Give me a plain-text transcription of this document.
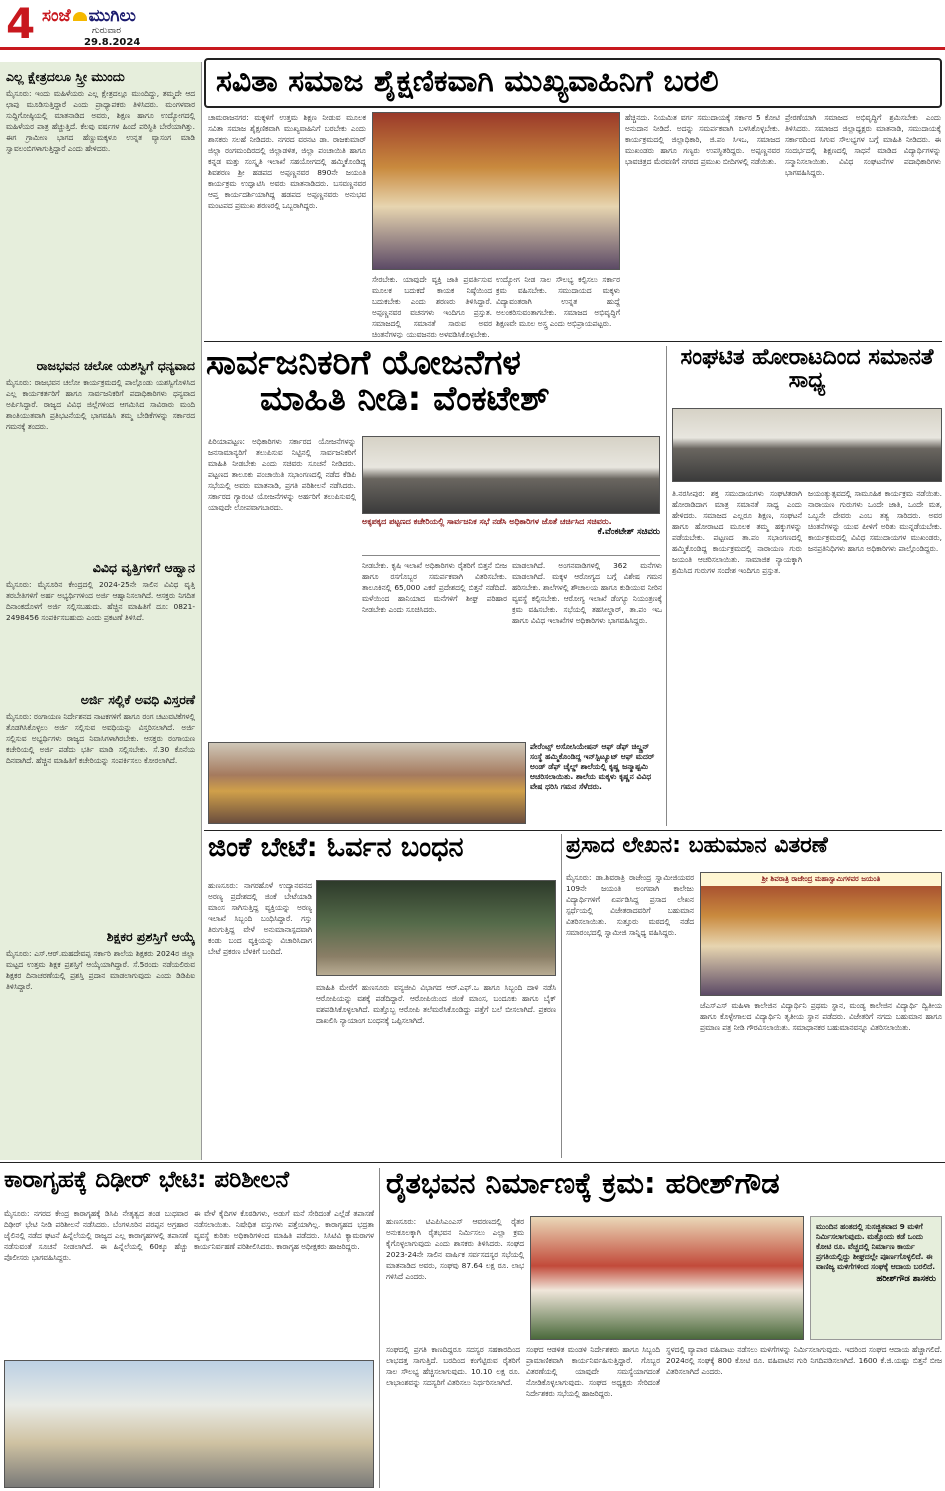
4 ಸಂಜೆ ಮುಗಿಲು
ಗುರುವಾರ
29.8.2024
ಎಲ್ಲ ಕ್ಷೇತ್ರದಲೂ ಸ್ತ್ರೀ ಮುಂದು
ಮೈಸೂರು: ಇಂದು ಮಹಿಳೆಯರು ಎಲ್ಲ ಕ್ಷೇತ್ರದಲ್ಲೂ ಮುಂದಿದ್ದು, ತಮ್ಮದೇ ಆದ ಛಾಪು ಮೂಡಿಸುತ್ತಿದ್ದಾರೆ ಎಂದು ಪ್ರಾಧ್ಯಾಪಕರು ತಿಳಿಸಿದರು. ಮಂಗಳವಾರ ಸುದ್ದಿಗೋಷ್ಠಿಯಲ್ಲಿ ಮಾತನಾಡಿದ ಅವರು, ಶಿಕ್ಷಣ ಹಾಗೂ ಉದ್ಯೋಗದಲ್ಲಿ ಮಹಿಳೆಯರ ಪಾತ್ರ ಹೆಚ್ಚುತ್ತಿದೆ. ಕೆಲವು ವರ್ಷಗಳ ಹಿಂದೆ ಪರಿಸ್ಥಿತಿ ಬೇರೆಯಾಗಿತ್ತು. ಈಗ ಗ್ರಾಮೀಣ ಭಾಗದ ಹೆಣ್ಣುಮಕ್ಕಳೂ ಉನ್ನತ ವ್ಯಾಸಂಗ ಮಾಡಿ ಸ್ವಾವಲಂಬಿಗಳಾಗುತ್ತಿದ್ದಾರೆ ಎಂದು ಹೇಳಿದರು.
ರಾಜಭವನ ಚಲೋ ಯಶಸ್ವಿಗೆ ಧನ್ಯವಾದ
ಮೈಸೂರು: ರಾಜಭವನ ಚಲೋ ಕಾರ್ಯಕ್ರಮದಲ್ಲಿ ಪಾಲ್ಗೊಂಡು ಯಶಸ್ವಿಗೊಳಿಸಿದ ಎಲ್ಲ ಕಾರ್ಯಕರ್ತರಿಗೆ ಹಾಗೂ ಸಾರ್ವಜನಿಕರಿಗೆ ಪದಾಧಿಕಾರಿಗಳು ಧನ್ಯವಾದ ಅರ್ಪಿಸಿದ್ದಾರೆ. ರಾಜ್ಯದ ವಿವಿಧ ಜಿಲ್ಲೆಗಳಿಂದ ಆಗಮಿಸಿದ ಸಾವಿರಾರು ಮಂದಿ ಶಾಂತಿಯುತವಾಗಿ ಪ್ರತಿಭಟನೆಯಲ್ಲಿ ಭಾಗವಹಿಸಿ ತಮ್ಮ ಬೇಡಿಕೆಗಳನ್ನು ಸರ್ಕಾರದ ಗಮನಕ್ಕೆ ತಂದರು.
ವಿವಿಧ ವೃತ್ತಿಗಳಿಗೆ ಆಹ್ವಾನ
ಮೈಸೂರು: ಮೈಸೂರಿನ ಕೇಂದ್ರದಲ್ಲಿ 2024-25ನೇ ಸಾಲಿನ ವಿವಿಧ ವೃತ್ತಿ ತರಬೇತಿಗಳಿಗೆ ಅರ್ಹ ಅಭ್ಯರ್ಥಿಗಳಿಂದ ಅರ್ಜಿ ಆಹ್ವಾನಿಸಲಾಗಿದೆ. ಆಸಕ್ತರು ನಿಗದಿತ ದಿನಾಂಕದೊಳಗೆ ಅರ್ಜಿ ಸಲ್ಲಿಸಬಹುದು. ಹೆಚ್ಚಿನ ಮಾಹಿತಿಗೆ ದೂ: 0821-2498456 ಸಂಪರ್ಕಿಸಬಹುದು ಎಂದು ಪ್ರಕಟಣೆ ತಿಳಿಸಿದೆ.
ಅರ್ಜಿ ಸಲ್ಲಿಕೆ ಅವಧಿ ವಿಸ್ತರಣೆ
ಮೈಸೂರು: ರಂಗಾಯಣ ನಿರ್ದೇಶನದ ನಾಟಕಗಳಿಗೆ ಹಾಗೂ ರಂಗ ಚಟುವಟಿಕೆಗಳಲ್ಲಿ ತೊಡಗಿಸಿಕೊಳ್ಳಲು ಅರ್ಜಿ ಸಲ್ಲಿಸುವ ಅವಧಿಯನ್ನು ವಿಸ್ತರಿಸಲಾಗಿದೆ. ಅರ್ಜಿ ಸಲ್ಲಿಸುವ ಅಭ್ಯರ್ಥಿಗಳು ರಾಜ್ಯದ ನಿವಾಸಿಗಳಾಗಿರಬೇಕು. ಆಸಕ್ತರು ರಂಗಾಯಣ ಕಚೇರಿಯಲ್ಲಿ ಅರ್ಜಿ ಪಡೆದು ಭರ್ತಿ ಮಾಡಿ ಸಲ್ಲಿಸಬೇಕು. ಸೆ.30 ಕೊನೆಯ ದಿನವಾಗಿದೆ. ಹೆಚ್ಚಿನ ಮಾಹಿತಿಗೆ ಕಚೇರಿಯನ್ನು ಸಂಪರ್ಕಿಸಲು ಕೋರಲಾಗಿದೆ.
ಶಿಕ್ಷಕರ ಪ್ರಶಸ್ತಿಗೆ ಆಯ್ಕೆ
ಮೈಸೂರು: ಎಸ್.ಆರ್.ಮಹದೇವಪ್ಪ ಸರ್ಕಾರಿ ಶಾಲೆಯ ಶಿಕ್ಷಕರು 2024ರ ಜಿಲ್ಲಾ ಮಟ್ಟದ ಉತ್ತಮ ಶಿಕ್ಷಕ ಪ್ರಶಸ್ತಿಗೆ ಆಯ್ಕೆಯಾಗಿದ್ದಾರೆ. ಸೆ.5ರಂದು ನಡೆಯಲಿರುವ ಶಿಕ್ಷಕರ ದಿನಾಚರಣೆಯಲ್ಲಿ ಪ್ರಶಸ್ತಿ ಪ್ರದಾನ ಮಾಡಲಾಗುವುದು ಎಂದು ಡಿಡಿಪಿಐ ತಿಳಿಸಿದ್ದಾರೆ.
ಸವಿತಾ ಸಮಾಜ ಶೈಕ್ಷಣಿಕವಾಗಿ ಮುಖ್ಯವಾಹಿನಿಗೆ ಬರಲಿ
ಚಾಮರಾಜನಗರ: ಮಕ್ಕಳಿಗೆ ಉತ್ತಮ ಶಿಕ್ಷಣ ನೀಡುವ ಮೂಲಕ ಸವಿತಾ ಸಮಾಜ ಶೈಕ್ಷಣಿಕವಾಗಿ ಮುಖ್ಯವಾಹಿನಿಗೆ ಬರಬೇಕು ಎಂದು ಶಾಸಕರು ಸಲಹೆ ನೀಡಿದರು. ನಗರದ ವರನಟ ಡಾ. ರಾಜಕುಮಾರ್ ಜಿಲ್ಲಾ ರಂಗಮಂದಿರದಲ್ಲಿ ಜಿಲ್ಲಾಡಳಿತ, ಜಿಲ್ಲಾ ಪಂಚಾಯಿತಿ ಹಾಗೂ ಕನ್ನಡ ಮತ್ತು ಸಂಸ್ಕೃತಿ ಇಲಾಖೆ ಸಹಯೋಗದಲ್ಲಿ ಹಮ್ಮಿಕೊಂಡಿದ್ದ ಶಿವಶರಣ ಶ್ರೀ ಹಡಪದ ಅಪ್ಪಣ್ಣನವರ 890ನೇ ಜಯಂತಿ ಕಾರ್ಯಕ್ರಮ ಉದ್ಘಾಟಿಸಿ ಅವರು ಮಾತನಾಡಿದರು. ಬಸವಣ್ಣನವರ ಆಪ್ತ ಕಾರ್ಯದರ್ಶಿಯಾಗಿದ್ದ ಹಡಪದ ಅಪ್ಪಣ್ಣನವರು ಅನುಭವ ಮಂಟಪದ ಪ್ರಮುಖ ಶರಣರಲ್ಲಿ ಒಬ್ಬರಾಗಿದ್ದರು.
ಸೇರಬೇಕು. ಯಾವುದೇ ವ್ಯಕ್ತಿ ಜಾತಿ ಪ್ರವರ್ತಿಸುವ ಮೂಲಕ ಬದುಕದೆ ಕಾಯಕ ನಿಷ್ಠೆಯಿಂದ ಬದುಕಬೇಕು ಎಂದು ಶರಣರು ತಿಳಿಸಿದ್ದಾರೆ. ಅಪ್ಪಣ್ಣನವರ ವಚನಗಳು ಇಂದಿಗೂ ಪ್ರಸ್ತುತ. ಸಮಾಜದಲ್ಲಿ ಸಮಾನತೆ ಸಾರುವ ಅವರ ಚಿಂತನೆಗಳನ್ನು ಯುವಜನರು ಅಳವಡಿಸಿಕೊಳ್ಳಬೇಕು.
ಉದ್ಯೋಗ ನೀಡ ಸಾಲ ಸೌಲಭ್ಯ ಕಲ್ಪಿಸಲು ಸರ್ಕಾರ ಕ್ರಮ ವಹಿಸಬೇಕು. ಸಮುದಾಯದ ಮಕ್ಕಳು ವಿದ್ಯಾವಂತರಾಗಿ ಉನ್ನತ ಹುದ್ದೆ ಅಲಂಕರಿಸುವಂತಾಗಬೇಕು. ಸಮಾಜದ ಅಭಿವೃದ್ಧಿಗೆ ಶಿಕ್ಷಣವೇ ಮೂಲ ಅಸ್ತ್ರ ಎಂದು ಅಭಿಪ್ರಾಯಪಟ್ಟರು.
ಹೆಚ್ಚಿನದು. ನಿಯಮಿತ ವರ್ಗ ಸಮುದಾಯಕ್ಕೆ ಸರ್ಕಾರ 5 ಕೋಟಿ ಅನುದಾನ ನೀಡಿದೆ. ಅದನ್ನು ಸಮರ್ಪಕವಾಗಿ ಬಳಸಿಕೊಳ್ಳಬೇಕು. ಕಾರ್ಯಕ್ರಮದಲ್ಲಿ ಜಿಲ್ಲಾಧಿಕಾರಿ, ಜಿ.ಪಂ ಸಿಇಒ, ಸಮಾಜದ ಮುಖಂಡರು ಹಾಗೂ ಗಣ್ಯರು ಉಪಸ್ಥಿತರಿದ್ದರು. ಅಪ್ಪಣ್ಣನವರ ಭಾವಚಿತ್ರದ ಮೆರವಣಿಗೆ ನಗರದ ಪ್ರಮುಖ ಬೀದಿಗಳಲ್ಲಿ ನಡೆಯಿತು.
ಪ್ರೇರಣೆಯಾಗಿ ಸಮಾಜದ ಅಭಿವೃದ್ಧಿಗೆ ಶ್ರಮಿಸಬೇಕು ಎಂದು ತಿಳಿಸಿದರು. ಸಮಾಜದ ಜಿಲ್ಲಾಧ್ಯಕ್ಷರು ಮಾತನಾಡಿ, ಸಮುದಾಯಕ್ಕೆ ಸರ್ಕಾರದಿಂದ ಸಿಗುವ ಸೌಲಭ್ಯಗಳ ಬಗ್ಗೆ ಮಾಹಿತಿ ನೀಡಿದರು. ಈ ಸಂದರ್ಭದಲ್ಲಿ ಶಿಕ್ಷಣದಲ್ಲಿ ಸಾಧನೆ ಮಾಡಿದ ವಿದ್ಯಾರ್ಥಿಗಳನ್ನು ಸನ್ಮಾನಿಸಲಾಯಿತು. ವಿವಿಧ ಸಂಘಟನೆಗಳ ಪದಾಧಿಕಾರಿಗಳು ಭಾಗವಹಿಸಿದ್ದರು.
ಸಾರ್ವಜನಿಕರಿಗೆ ಯೋಜನೆಗಳ
ಮಾಹಿತಿ ನೀಡಿ: ವೆಂಕಟೇಶ್
ಪಿರಿಯಾಪಟ್ಟಣ: ಅಧಿಕಾರಿಗಳು ಸರ್ಕಾರದ ಯೋಜನೆಗಳನ್ನು ಜನಸಾಮಾನ್ಯರಿಗೆ ತಲುಪಿಸುವ ನಿಟ್ಟಿನಲ್ಲಿ ಸಾರ್ವಜನಿಕರಿಗೆ ಮಾಹಿತಿ ನೀಡಬೇಕು ಎಂದು ಸಚಿವರು ಸೂಚನೆ ನೀಡಿದರು. ಪಟ್ಟಣದ ತಾಲೂಕು ಪಂಚಾಯಿತಿ ಸಭಾಂಗಣದಲ್ಲಿ ನಡೆದ ಕೆಡಿಪಿ ಸಭೆಯಲ್ಲಿ ಅವರು ಮಾತನಾಡಿ, ಪ್ರಗತಿ ಪರಿಶೀಲನೆ ನಡೆಸಿದರು. ಸರ್ಕಾರದ ಗ್ಯಾರಂಟಿ ಯೋಜನೆಗಳನ್ನು ಅರ್ಹರಿಗೆ ತಲುಪಿಸುವಲ್ಲಿ ಯಾವುದೇ ಲೋಪವಾಗಬಾರದು.
ಅಕ್ಕಪಕ್ಕದ ಪಟ್ಟಣದ ಕಚೇರಿಯಲ್ಲಿ ಸಾರ್ವಜನಿಕ ಸಭೆ ನಡೆಸಿ ಅಧಿಕಾರಿಗಳ ಜೊತೆ ಚರ್ಚಿಸಿದ ಸಚಿವರು.
ಕೆ.ವೆಂಕಟೇಶ್ ಸಚಿವರು
ನೀಡಬೇಕು. ಕೃಷಿ ಇಲಾಖೆ ಅಧಿಕಾರಿಗಳು ರೈತರಿಗೆ ಬಿತ್ತನೆ ಬೀಜ ಹಾಗೂ ರಸಗೊಬ್ಬರ ಸಮರ್ಪಕವಾಗಿ ವಿತರಿಸಬೇಕು. ತಾಲೂಕಿನಲ್ಲಿ 65,000 ಎಕರೆ ಪ್ರದೇಶದಲ್ಲಿ ಬಿತ್ತನೆ ನಡೆದಿದೆ. ಮಳೆಯಿಂದ ಹಾನಿಯಾದ ಮನೆಗಳಿಗೆ ಶೀಘ್ರ ಪರಿಹಾರ ನೀಡಬೇಕು ಎಂದು ಸೂಚಿಸಿದರು.
ಮಾಡಲಾಗಿದೆ. ಅಂಗನವಾಡಿಗಳಲ್ಲಿ 362 ಮನೆಗಳು ಮಾಡಲಾಗಿದೆ. ಮಕ್ಕಳ ಆರೋಗ್ಯದ ಬಗ್ಗೆ ವಿಶೇಷ ಗಮನ ಹರಿಸಬೇಕು. ಶಾಲೆಗಳಲ್ಲಿ ಶೌಚಾಲಯ ಹಾಗೂ ಕುಡಿಯುವ ನೀರಿನ ವ್ಯವಸ್ಥೆ ಕಲ್ಪಿಸಬೇಕು. ಆರೋಗ್ಯ ಇಲಾಖೆ ಡೆಂಗ್ಯೂ ನಿಯಂತ್ರಣಕ್ಕೆ ಕ್ರಮ ವಹಿಸಬೇಕು. ಸಭೆಯಲ್ಲಿ ತಹಸೀಲ್ದಾರ್, ತಾ.ಪಂ ಇಒ ಹಾಗೂ ವಿವಿಧ ಇಲಾಖೆಗಳ ಅಧಿಕಾರಿಗಳು ಭಾಗವಹಿಸಿದ್ದರು.
ಸಂಘಟಿತ ಹೋರಾಟದಿಂದ ಸಮಾನತೆ ಸಾಧ್ಯ
ತಿ.ನರಸೀಪುರ: ಶಕ್ತ ಸಮುದಾಯಗಳು ಸಂಘಟಿತರಾಗಿ ಹೋರಾಡಿದಾಗ ಮಾತ್ರ ಸಮಾನತೆ ಸಾಧ್ಯ ಎಂದು ಹೇಳಿದರು. ಸಮಾಜದ ಎಲ್ಲರೂ ಶಿಕ್ಷಣ, ಸಂಘಟನೆ ಹಾಗೂ ಹೋರಾಟದ ಮೂಲಕ ತಮ್ಮ ಹಕ್ಕುಗಳನ್ನು ಪಡೆಯಬೇಕು. ಪಟ್ಟಣದ ತಾ.ಪಂ ಸಭಾಂಗಣದಲ್ಲಿ ಹಮ್ಮಿಕೊಂಡಿದ್ದ ಕಾರ್ಯಕ್ರಮದಲ್ಲಿ ನಾರಾಯಣ ಗುರು ಜಯಂತಿ ಆಚರಿಸಲಾಯಿತು. ಸಾಮಾಜಿಕ ನ್ಯಾಯಕ್ಕಾಗಿ ಶ್ರಮಿಸಿದ ಗುರುಗಳ ಸಂದೇಶ ಇಂದಿಗೂ ಪ್ರಸ್ತುತ.
ಜಯಂತ್ಯುತ್ಸವದಲ್ಲಿ ಸಾಮೂಹಿಕ ಕಾರ್ಯಕ್ರಮ ನಡೆಯಿತು. ನಾರಾಯಣ ಗುರುಗಳು ಒಂದೇ ಜಾತಿ, ಒಂದೇ ಮತ, ಒಬ್ಬನೇ ದೇವರು ಎಂಬ ತತ್ವ ಸಾರಿದರು. ಅವರ ಚಿಂತನೆಗಳನ್ನು ಯುವ ಪೀಳಿಗೆ ಅರಿತು ಮುನ್ನಡೆಯಬೇಕು. ಕಾರ್ಯಕ್ರಮದಲ್ಲಿ ವಿವಿಧ ಸಮುದಾಯಗಳ ಮುಖಂಡರು, ಜನಪ್ರತಿನಿಧಿಗಳು ಹಾಗೂ ಅಧಿಕಾರಿಗಳು ಪಾಲ್ಗೊಂಡಿದ್ದರು.
ಪೇರೆಂಟ್ಸ್ ಅಸೋಸಿಯೇಷನ್ ಆಫ್ ಡೆಫ್ ಚಿಲ್ಡ್ರನ್ ಸಂಸ್ಥೆ ಹಮ್ಮಿಕೊಂಡಿದ್ದ ಇನ್‌ಸ್ಟಿಟ್ಯೂಟ್ ಆಫ್ ಮದರ್ ಅಂಡ್ ಡೆಫ್ ಚೈಲ್ಡ್ ಶಾಲೆಯಲ್ಲಿ ಕೃಷ್ಣ ಜನ್ಮಾಷ್ಟಮಿ ಆಚರಿಸಲಾಯಿತು. ಶಾಲೆಯ ಮಕ್ಕಳು ಕೃಷ್ಣನ ವಿವಿಧ ವೇಷ ಧರಿಸಿ ಗಮನ ಸೆಳೆದರು.
ಜಿಂಕೆ ಬೇಟೆ: ಓರ್ವನ ಬಂಧನ
ಹುಣಸೂರು: ನಾಗರಹೊಳೆ ಉದ್ಯಾನವನದ ಅರಣ್ಯ ಪ್ರದೇಶದಲ್ಲಿ ಜಿಂಕೆ ಬೇಟೆಯಾಡಿ ಮಾಂಸ ಸಾಗಿಸುತ್ತಿದ್ದ ವ್ಯಕ್ತಿಯನ್ನು ಅರಣ್ಯ ಇಲಾಖೆ ಸಿಬ್ಬಂದಿ ಬಂಧಿಸಿದ್ದಾರೆ. ಗಸ್ತು ತಿರುಗುತ್ತಿದ್ದ ವೇಳೆ ಅನುಮಾನಾಸ್ಪದವಾಗಿ ಕಂಡು ಬಂದ ವ್ಯಕ್ತಿಯನ್ನು ವಿಚಾರಿಸಿದಾಗ ಬೇಟೆ ಪ್ರಕರಣ ಬೆಳಕಿಗೆ ಬಂದಿದೆ.
ಮಾಹಿತಿ ಮೇರೆಗೆ ಹುಣಸೂರು ವನ್ಯಜೀವಿ ವಿಭಾಗದ ಆರ್.ಎಫ್.ಒ ಹಾಗೂ ಸಿಬ್ಬಂದಿ ದಾಳಿ ನಡೆಸಿ ಆರೋಪಿಯನ್ನು ವಶಕ್ಕೆ ಪಡೆದಿದ್ದಾರೆ. ಆರೋಪಿಯಿಂದ ಜಿಂಕೆ ಮಾಂಸ, ಬಂದೂಕು ಹಾಗೂ ಬೈಕ್ ವಶಪಡಿಸಿಕೊಳ್ಳಲಾಗಿದೆ. ಮತ್ತೊಬ್ಬ ಆರೋಪಿ ತಲೆಮರೆಸಿಕೊಂಡಿದ್ದು ಪತ್ತೆಗೆ ಬಲೆ ಬೀಸಲಾಗಿದೆ. ಪ್ರಕರಣ ದಾಖಲಿಸಿ ನ್ಯಾಯಾಂಗ ಬಂಧನಕ್ಕೆ ಒಪ್ಪಿಸಲಾಗಿದೆ.
ಪ್ರಸಾದ ಲೇಖನ: ಬಹುಮಾನ ವಿತರಣೆ
ಮೈಸೂರು: ಡಾ.ಶಿವರಾತ್ರಿ ರಾಜೇಂದ್ರ ಸ್ವಾಮೀಜಿಯವರ 109ನೇ ಜಯಂತಿ ಅಂಗವಾಗಿ ಕಾಲೇಜು ವಿದ್ಯಾರ್ಥಿಗಳಿಗೆ ಏರ್ಪಡಿಸಿದ್ದ ಪ್ರಸಾದ ಲೇಖನ ಸ್ಪರ್ಧೆಯಲ್ಲಿ ವಿಜೇತರಾದವರಿಗೆ ಬಹುಮಾನ ವಿತರಿಸಲಾಯಿತು. ಸುತ್ತೂರು ಮಠದಲ್ಲಿ ನಡೆದ ಸಮಾರಂಭದಲ್ಲಿ ಸ್ವಾಮೀಜಿ ಸಾನ್ನಿಧ್ಯ ವಹಿಸಿದ್ದರು.
ಶ್ರೀ ಶಿವರಾತ್ರಿ ರಾಜೇಂದ್ರ ಮಹಾಸ್ವಾಮಿಗಳವರ ಜಯಂತಿ
ಜೆಎಸ್‌ಎಸ್ ಮಹಿಳಾ ಕಾಲೇಜಿನ ವಿದ್ಯಾರ್ಥಿನಿ ಪ್ರಥಮ ಸ್ಥಾನ, ಮಂಡ್ಯ ಕಾಲೇಜಿನ ವಿದ್ಯಾರ್ಥಿ ದ್ವಿತೀಯ ಹಾಗೂ ಕೊಳ್ಳೇಗಾಲದ ವಿದ್ಯಾರ್ಥಿನಿ ತೃತೀಯ ಸ್ಥಾನ ಪಡೆದರು. ವಿಜೇತರಿಗೆ ನಗದು ಬಹುಮಾನ ಹಾಗೂ ಪ್ರಮಾಣ ಪತ್ರ ನೀಡಿ ಗೌರವಿಸಲಾಯಿತು. ಸಮಾಧಾನಕರ ಬಹುಮಾನವನ್ನೂ ವಿತರಿಸಲಾಯಿತು.
ಕಾರಾಗೃಹಕ್ಕೆ ದಿಢೀರ್ ಭೇಟಿ: ಪರಿಶೀಲನೆ
ಮೈಸೂರು: ನಗರದ ಕೇಂದ್ರ ಕಾರಾಗೃಹಕ್ಕೆ ಡಿಸಿಪಿ ನೇತೃತ್ವದ ತಂಡ ಬುಧವಾರ ದಿಢೀರ್ ಭೇಟಿ ನೀಡಿ ಪರಿಶೀಲನೆ ನಡೆಸಿದರು. ಬೆಂಗಳೂರಿನ ಪರಪ್ಪನ ಅಗ್ರಹಾರ ಜೈಲಿನಲ್ಲಿ ನಡೆದ ಘಟನೆ ಹಿನ್ನೆಲೆಯಲ್ಲಿ ರಾಜ್ಯದ ಎಲ್ಲ ಕಾರಾಗೃಹಗಳಲ್ಲಿ ತಪಾಸಣೆ ನಡೆಸುವಂತೆ ಸೂಚನೆ ನೀಡಲಾಗಿದೆ. ಈ ಹಿನ್ನೆಲೆಯಲ್ಲಿ 60ಕ್ಕೂ ಹೆಚ್ಚು ಪೊಲೀಸರು ಭಾಗವಹಿಸಿದ್ದರು.
ಈ ವೇಳೆ ಕೈದಿಗಳ ಕೊಠಡಿಗಳು, ಅಡುಗೆ ಮನೆ ಸೇರಿದಂತೆ ಎಲ್ಲೆಡೆ ತಪಾಸಣೆ ನಡೆಸಲಾಯಿತು. ನಿಷೇಧಿತ ವಸ್ತುಗಳು ಪತ್ತೆಯಾಗಿಲ್ಲ. ಕಾರಾಗೃಹದ ಭದ್ರತಾ ವ್ಯವಸ್ಥೆ ಕುರಿತು ಅಧಿಕಾರಿಗಳಿಂದ ಮಾಹಿತಿ ಪಡೆದರು. ಸಿಸಿಟಿವಿ ಕ್ಯಾಮರಾಗಳ ಕಾರ್ಯನಿರ್ವಹಣೆ ಪರಿಶೀಲಿಸಿದರು. ಕಾರಾಗೃಹ ಅಧೀಕ್ಷಕರು ಹಾಜರಿದ್ದರು.
ರೈತಭವನ ನಿರ್ಮಾಣಕ್ಕೆ ಕ್ರಮ: ಹರೀಶ್‌ಗೌಡ
ಹುಣಸೂರು: ಟಿಎಪಿಸಿಎಂಎಸ್ ಆವರಣದಲ್ಲಿ ರೈತರ ಅನುಕೂಲಕ್ಕಾಗಿ ರೈತಭವನ ನಿರ್ಮಿಸಲು ಎಲ್ಲಾ ಕ್ರಮ ಕೈಗೊಳ್ಳಲಾಗುವುದು ಎಂದು ಶಾಸಕರು ತಿಳಿಸಿದರು. ಸಂಘದ 2023-24ನೇ ಸಾಲಿನ ವಾರ್ಷಿಕ ಸರ್ವಸದಸ್ಯರ ಸಭೆಯಲ್ಲಿ ಮಾತನಾಡಿದ ಅವರು, ಸಂಘವು 87.64 ಲಕ್ಷ ರೂ. ಲಾಭ ಗಳಿಸಿದೆ ಎಂದರು.
ಮುಂದಿನ ಹಂತದಲ್ಲಿ ಸುಸಜ್ಜಿತವಾದ 9 ಮಳಿಗೆ ನಿರ್ಮಿಸಲಾಗುವುದು. ಮತ್ತೊಂದು ಕಡೆ ಒಂದು ಕೋಟಿ ರೂ. ವೆಚ್ಚದಲ್ಲಿ ನಿರ್ಮಾಣ ಕಾರ್ಯ ಪ್ರಗತಿಯಲ್ಲಿದ್ದು ಶೀಘ್ರದಲ್ಲೇ ಪೂರ್ಣಗೊಳ್ಳಲಿದೆ. ಈ ವಾಣಿಜ್ಯ ಮಳಿಗೆಗಳಿಂದ ಸಂಘಕ್ಕೆ ಆದಾಯ ಬರಲಿದೆ.
ಹರೀಶ್‌ಗೌಡ ಶಾಸಕರು
ಸಂಘದಲ್ಲಿ ಪ್ರಗತಿ ಕಾಣದಿದ್ದರೂ ಸದಸ್ಯರ ಸಹಕಾರದಿಂದ ಲಾಭದತ್ತ ಸಾಗುತ್ತಿದೆ. ಬರದಿಂದ ಕಂಗೆಟ್ಟಿರುವ ರೈತರಿಗೆ ಸಾಲ ಸೌಲಭ್ಯ ಹೆಚ್ಚಿಸಲಾಗುವುದು. 10.10 ಲಕ್ಷ ರೂ. ಲಾಭಾಂಶವನ್ನು ಸದಸ್ಯರಿಗೆ ವಿತರಿಸಲು ನಿರ್ಧರಿಸಲಾಗಿದೆ.
ಸಂಘದ ಆಡಳಿತ ಮಂಡಳಿ ನಿರ್ದೇಶಕರು ಹಾಗೂ ಸಿಬ್ಬಂದಿ ಪ್ರಾಮಾಣಿಕವಾಗಿ ಕಾರ್ಯನಿರ್ವಹಿಸುತ್ತಿದ್ದಾರೆ. ಗೊಬ್ಬರ ವಿತರಣೆಯಲ್ಲಿ ಯಾವುದೇ ಸಮಸ್ಯೆಯಾಗದಂತೆ ನೋಡಿಕೊಳ್ಳಲಾಗುವುದು. ಸಂಘದ ಅಧ್ಯಕ್ಷರು ಸೇರಿದಂತೆ ನಿರ್ದೇಶಕರು ಸಭೆಯಲ್ಲಿ ಹಾಜರಿದ್ದರು.
ಸ್ಥಳದಲ್ಲಿ ವ್ಯಾಪಾರ ವಹಿವಾಟು ನಡೆಸಲು ಮಳಿಗೆಗಳನ್ನು ನಿರ್ಮಿಸಲಾಗುವುದು. ಇದರಿಂದ ಸಂಘದ ಆದಾಯ ಹೆಚ್ಚಾಗಲಿದೆ. 2024ರಲ್ಲಿ ಸಂಘಕ್ಕೆ 800 ಕೋಟಿ ರೂ. ವಹಿವಾಟಿನ ಗುರಿ ನಿಗದಿಪಡಿಸಲಾಗಿದೆ. 1600 ಕೆ.ಜಿ.ಯಷ್ಟು ಬಿತ್ತನೆ ಬೀಜ ವಿತರಿಸಲಾಗಿದೆ ಎಂದರು.
